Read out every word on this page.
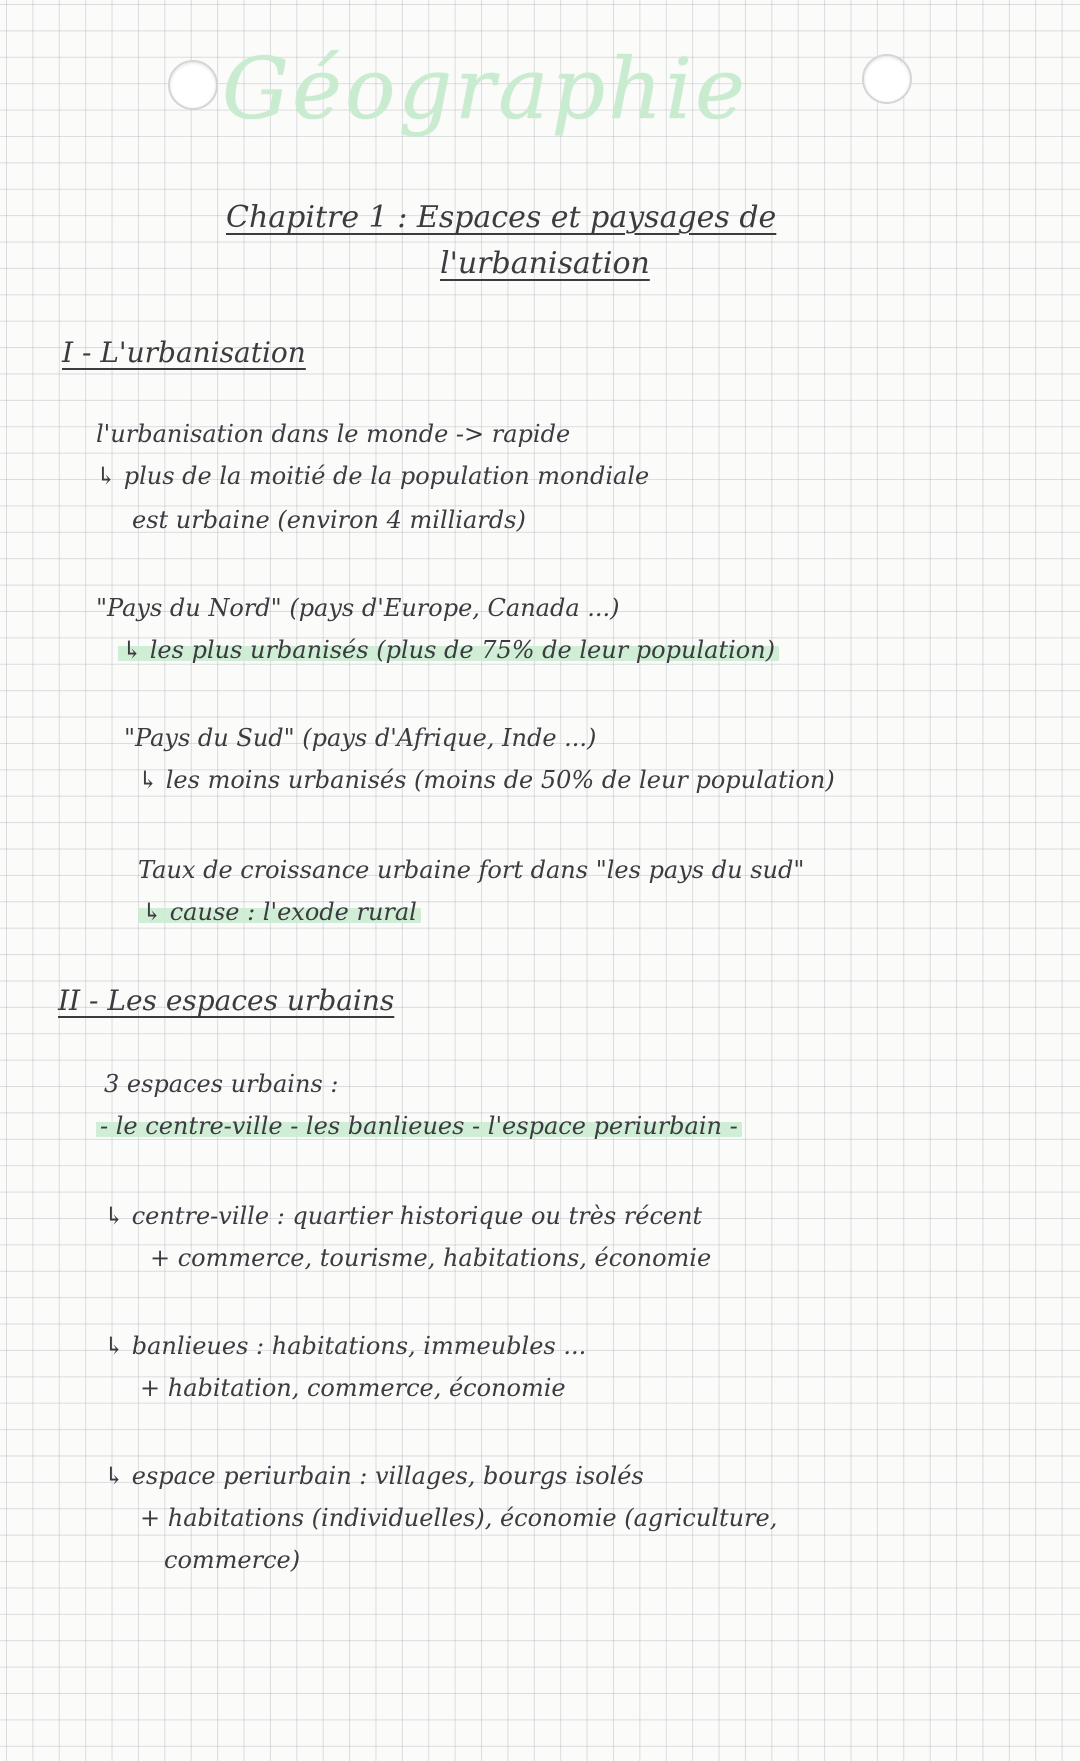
Géographie
Chapitre 1 : Espaces et paysages de
l'urbanisation
I - L'urbanisation
l'urbanisation dans le monde -> rapide
↳ plus de la moitié de la population mondiale
est urbaine (environ 4 milliards)
"Pays du Nord" (pays d'Europe, Canada ...)
↳ les plus urbanisés (plus de 75% de leur population)
"Pays du Sud" (pays d'Afrique, Inde ...)
↳ les moins urbanisés (moins de 50% de leur population)
Taux de croissance urbaine fort dans "les pays du sud"
↳ cause : l'exode rural
II - Les espaces urbains
3 espaces urbains :
- le centre-ville - les banlieues - l'espace periurbain -
↳ centre-ville : quartier historique ou très récent
+ commerce, tourisme, habitations, économie
↳ banlieues : habitations, immeubles ...
+ habitation, commerce, économie
↳ espace periurbain : villages, bourgs isolés
+ habitations (individuelles), économie (agriculture,
commerce)
